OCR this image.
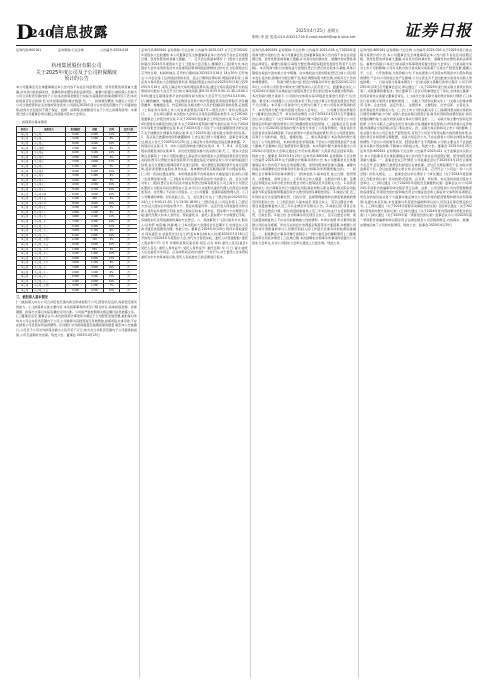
D
240
信息披露	2025年4月25日 星期五
制作:李 波 电话:010-83251716 E-mail:zqrb9@zqrb.sina.net	证券日报
证券代码:600161	证券简称:天坛生物	公告编号:2025-016
杭州集团股份有限公司
关于2025年度公司及子公司担保额度
预计的公告

本公司董事会及全体董事保证本公告内容不存在任何虚假记载、误导性陈述或者重大遗漏,并对其内容的真实性、准确性和完整性承担法律责任。重要内容提示:被担保人名称为公司合并报表范围内的子公司;本次担保金额及已实际为其提供的担保余额详见下表;本次担保是否有反担保:否;对外担保逾期的累计数量:无。一、担保情况概述 为满足公司及子公司日常经营和业务发展的资金需求,公司拟在2025年度为合并报表范围内子公司提供担保,担保方式包括但不限于保证、抵押、质押等,担保额度可在子公司之间调剂使用。本事项已经公司董事会审议通过,尚需提交股东大会审议。

二、担保预计基本情况
担保方	被担保方	担保额度	余额	比例	是否关联
本公司	子公司一	5,000	2,000	12%	否
本公司	子公司二	3,000	1,500	8%	否
本公司	子公司三	8,000	4,200	19%	否
本公司	子公司四	2,500	900	6%	否
本公司	子公司五	6,000	3,100	14%	否
本公司	子公司六	4,000	1,800	9%	否
本公司	子公司七	7,500	3,600	17%	否
本公司	子公司八	1,500	600	3%	否
本公司	子公司九	9,000	5,200	21%	否
本公司	子公司十	3,500	1,400	8%	否
本公司	子公司十一	2,000	800	5%	否
本公司	子公司十二	4,500	2,300	10%	否
本公司	子公司十三	5,500	2,700	13%	否
本公司	子公司十四	6,500	3,000	15%	否
本公司	子公司十五	1,000	400	2%	否
本公司	子公司十六	8,500	4,600	20%	否
本公司	子公司十七	3,200	1,100	7%	否
本公司	子公司十八	2,800	1,000	6%	否
本公司	子公司十九	4,800	2,100	11%	否
本公司	子公司二十	7,000	3,300	16%	否
本公司	子公司二十一	5,200	2,400	12%	否
本公司	子公司二十二	3,800	1,700	9%	否
本公司	子公司二十三	6,200	2,900	14%	否
本公司	子公司二十四	2,200	700	5%	否
本公司	子公司二十五	9,500	5,600	22%	否
本公司	子公司二十六	1,800	500	4%	否
本公司	子公司二十七	4,200	1,900	10%	否
本公司	子公司二十八	5,800	2,600	13%	否
本公司	子公司二十九	3,600	1,300	8%	否
本公司	子公司三十	7,800	3,900	18%	否
本公司	子公司三十一	2,600	1,000	6%	否
本公司	子公司三十二	6,800	3,200	15%	否
本公司	子公司三十三	4,400	2,000	10%	否
本公司	子公司三十四	3,000	1,200	7%	否
本公司	子公司三十五	5,000	2,500	12%	否
三、被担保人基本情况

(一)被担保人均为公司合并报表范围内的全资或控股子公司,经营状况良好,具备偿还债务的能力。(二)担保协议的主要内容 本次担保事项尚未签订相关协议,具体担保金额、担保期限、担保方式等以实际签署的合同为准。公司将严格按照相关规定履行信息披露义务。(三)董事会意见 董事会认为,本次担保预计事项是为满足子公司经营发展需要,被担保对象均为公司合并报表范围内子公司,公司能够对其经营进行有效管控,担保风险总体可控,不存在损害公司及股东利益的情形。(四)累计对外担保数量及逾期担保的数量 截至本公告披露日,公司及子公司对外担保总额为人民币若干万元,均为对合并报表范围内子公司提供的担保,公司无逾期对外担保。特此公告。董事会 2025年4月25日

证券代码:600161 证券简称:天坛生物 公告编号:2025-017 关于召开2024年年度股东大会的通知 本公司董事会及全体董事保证本公告内容不存在任何虚假记载、误导性陈述或者重大遗漏。一、召开会议的基本情况 (一)股东大会类型和届次:2024年年度股东大会 (二)股东大会召集人:董事会 (三)投票方式:本次股东大会所采用的表决方式是现场投票和网络投票相结合的方式 (四)现场会议召开的日期、时间和地点 召开的日期时间:2025年5月16日 14点30分 召开地点:公司会议室 (五)网络投票的系统、起止日期和投票时间 网络投票系统:上海证券交易所股东大会网络投票系统 网络投票起止时间:自2025年5月16日至2025年5月16日 采用上海证券交易所网络投票系统,通过交易系统投票平台的投票时间为股东大会召开当日的交易时间段,即9:15-9:25,9:30-11:30,13:00-15:00;通过互联网投票平台的投票时间为股东大会召开当日的9:15-15:00。(六)融资融券、转融通、约定购回业务账户和沪股通投资者的投票程序 涉及融资融券、转融通业务、约定购回业务相关账户以及沪股通投资者的投票,应按照《上海证券交易所上市公司自律监管指引第1号—规范运作》等有关规定执行。二、会议审议事项 本次股东大会审议议案及投票股东类型:1.关于2024年度董事会工作报告的议案 2.关于2024年度监事会工作报告的议案 3.关于2024年度财务决算报告的议案 4.关于2024年度利润分配方案的议案 5.关于2024年年度报告及摘要的议案 6.关于2025年度公司及子公司担保额度预计的议案 7.关于续聘会计师事务所的议案 8.关于2025年度日常关联交易预计的议案。1、各议案已披露的时间和披露媒体 上述议案已经公司董事会、监事会审议通过,相关公告已于2025年4月25日在上海证券交易所网站及指定媒体披露。2、特别决议议案:无 3、对中小投资者单独计票的议案:4、6、7、8 4、涉及关联股东回避表决的议案:8 5、涉及优先股股东参与表决的议案:无 三、股东大会投票注意事项 (一)本公司股东通过上海证券交易所股东大会网络投票系统行使表决权的,既可以登陆交易系统投票平台(通过指定交易的证券公司交易终端)进行投票,也可以登陆互联网投票平台进行投票。首次登陆互联网投票平台进行投票的,投资者需要完成股东身份认证。具体操作请见互联网投票平台网站说明。(二)同一表决权通过现场、本所网络投票平台或其他方式重复进行表决的,以第一次投票结果为准。(三)股东对所有议案均表决完毕才能提交。四、会议出席对象 (一)股权登记日收市后在中国证券登记结算有限责任公司上海分公司登记在册的公司股东有权出席股东大会,并可以以书面形式委托代理人出席会议和参加表决。该代理人不必是公司股东。(二)公司董事、监事和高级管理人员。(三)公司聘请的律师。(四)其他人员。五、会议登记方法 (一)登记时间:2025年5月14日上午9:00-11:30,下午13:30-16:00 (二)登记地点:公司证券部 (三)登记方式:法人股东应持股东账户卡、营业执照复印件、法定代表人授权委托书和出席人身份证办理登记手续;自然人股东应持本人身份证、股东账户卡办理登记手续;委托代理人持本人身份证、授权委托书、委托人股东账户卡办理登记手续。异地股东可采用信函或传真的方式登记。六、其他事项 (一)会议联系方式 联系人:证券部 电话:略 传真:略 (二)本次股东大会现场会议会期半天,出席会议人员的交通及食宿费用自理。特此公告。董事会 2025年4月25日 附件1:授权委托书 授权委托书 兹委托先生(女士)代表本单位(或本人)出席2025年5月16日召开的贵公司2024年年度股东大会,并代为行使表决权。委托人持普通股数: 委托人股东账户号: 序号 非累积投票议案名称 同意 反对 弃权 委托人签名(盖章): 受托人签名: 委托人身份证号: 受托人身份证号: 委托日期: 年 月 日 备注:委托人应在委托书中同意、反对或弃权意向中选择一个并打勾,对于委托人在本授权委托书中未作具体指示的,受托人有权按自己的意愿进行表决。

证券代码:600161 证券简称:天坛生物 公告编号:2025-018 关于2024年度利润分配方案的公告 本公司董事会及全体董事保证本公告内容不存在任何虚假记载、误导性陈述或者重大遗漏,并对其内容的真实性、准确性和完整性承担法律责任。重要内容提示:每股分配比例:A股每股派发现金红利若干元(含税)。本次利润分配以实施权益分派股权登记日登记的总股本为基数,具体日期将在权益分派实施公告中明确。在实施权益分派的股权登记日前公司总股本发生变动的,拟维持分配总额不变,相应调整每股分配比例,并将另行公告具体调整情况。一、利润分配方案内容 经会计师事务所审计,截至2024年12月31日,公司母公司报表中期末未分配利润为人民币若干元。经董事会决议,公司2024年年度拟以实施权益分派股权登记日登记的总股本为基数分配利润。本次利润分配方案如下:公司拟向全体股东每10股派发现金红利若干元(含税)。截至本公告披露日,公司总股本若干股,以此计算合计拟派发现金红利若干元(含税)。本年度公司现金分红比例为归属于上市公司股东净利润的若干。本次利润分配方案尚需提交股东大会审议。二、公司履行的决策程序 (一)董事会会议的召开、审议和表决情况 公司于2025年4月23日召开董事会会议,审议通过了《关于2024年度利润分配方案的议案》,本方案符合公司章程规定的利润分配政策和公司已披露的股东回报规划。(二)监事会意见 监事会认为:公司2024年度利润分配方案充分考虑了公司盈利情况、现金流状态及资金需求等各种因素,不存在损害中小股东利益的情形,符合公司经营现状,有利于公司的持续、稳定、健康发展。三、相关风险提示 本次利润分配方案结合了公司发展阶段、未来的资金需求等因素,不会对公司经营现金流产生重大影响,不会影响公司正常经营和长期发展。本次利润分配方案尚需提交公司2024年年度股东大会审议通过后方可实施,敬请广大投资者注意投资风险。特此公告。董事会 2025年4月25日 证券代码:600161 证券简称:天坛生物 公告编号:2025-019 关于续聘会计师事务所的公告 本公司董事会及全体董事保证本公告内容不存在任何虚假记载、误导性陈述或者重大遗漏。重要内容提示:拟续聘的会计师事务所名称:某会计师事务所(特殊普通合伙)。一、拟聘任会计师事务所的基本情况 (一)机构信息 1.基本信息 成立日期、组织形式、注册地址、首席合伙人、上年度末合伙人数量、注册会计师人数、签署过证券服务业务审计报告的注册会计师人数等信息详见相关公告。2.投资者保护能力 会计师事务所已计提职业风险基金和购买职业保险,相关职业风险基金与职业保险能够覆盖因审计失败导致的民事赔偿责任。3.诚信记录 近三年因执业行为受到刑事处罚、行政处罚、监督管理措施和自律监管措施的情况详见相关公告。(二)项目信息 1.基本信息 项目合伙人、签字注册会计师、项目质量控制复核人近三年从业情况详见相关公告。2.诚信记录 项目合伙人、签字注册会计师、项目质量控制复核人近三年未因执业行为受到刑事处罚、行政处罚。3.独立性 会计师事务所及项目合伙人、签字注册会计师、项目质量控制复核人不存在可能影响独立性的情形。4.审计收费 审计费用系根据公司的业务规模、所处行业和会计处理复杂程度等多方面因素,并根据公司年报审计需配备的审计人员情况和投入的工作量以及事务所的收费标准确定。二、拟续聘会计事务所履行的程序 (一)审计委员会的履职情况 (二)董事会的审议和表决情况 (三)生效日期 本次续聘会计师事务所事项尚需提交公司股东大会审议,并自公司股东大会审议通过之日起生效。特此公告。

证券代码:600161 证券简称:天坛生物 公告编号:2025-020 关于2025年度日常关联交易预计的公告 本公司董事会及全体董事保证本公告内容不存在任何虚假记载、误导性陈述或者重大遗漏,并对其内容的真实性、准确性和完整性承担法律责任。重要内容提示:本次日常关联交易事项尚需提交股东大会审议。日常关联交易对上市公司的影响:公司与关联方的日常关联交易是基于正常生产经营需要,遵循公平、公正、公开的原则,交易价格公允,不存在损害公司及股东特别是中小股东利益的情形,不会对公司的独立性产生影响,公司主营业务不会因此类交易而对关联人形成依赖。一、日常关联交易基本情况 (一)日常关联交易履行的审议程序 公司于2025年4月23日召开董事会会议,审议通过了《关于2025年度日常关联交易预计的议案》,关联董事回避表决。独立董事专门会议对该事项进行了审议,全体独立董事一致同意将该议案提交董事会审议。(二)前次日常关联交易的预计和执行情况 (三)本次日常关联交易预计金额和类别 二、关联人介绍和关联关系 (一)关联人的基本情况 名称、企业性质、法定代表人、注册资本、主要股东、历史沿革、主营业务、住所等信息详见相关公告。(二)与上市公司的关联关系 (三)前期同类关联交易的执行情况和履约能力分析 关联人依法存续且经营正常,财务状况和资信情况良好,具有较强的履约能力,前次同类关联交易执行情况良好。三、关联交易主要内容和定价政策 公司与关联人之间发生的日常关联交易,遵循市场化原则,以市场价格为定价依据,协商确定交易价格,并签订相关协议。四、关联交易目的和对上市公司的影响 上述关联交易为公司正常生产经营所需,有利于公司充分利用关联方的资源和优势,实现优势互补和资源合理配置。关联交易定价公允,不存在损害公司和全体股东利益的情形,不会对公司的财务状况、经营成果产生不利影响,公司的主要业务不会因此而对关联方形成依赖,不影响公司的独立性。特此公告。董事会 2025年4月25日 证券代码:600161 证券简称:天坛生物 公告编号:2025-021 关于监事会决议的公告 本公司监事会及全体监事保证本公告内容不存在任何虚假记载、误导性陈述或者重大遗漏。一、监事会会议召开情况 公司监事会会议于2025年4月23日以现场方式召开,会议通知已按规定时间送达全体监事。会议应出席监事若干名,实际出席监事若干名。会议由监事会主席主持,会议的召集、召开符合《公司法》和《公司章程》的有关规定。二、监事会会议审议情况 (一)审议通过《关于2024年度监事会工作报告的议案》表决结果:同意票、反对票、弃权票。本议案尚需提交股东大会审议。(二)审议通过《关于2024年年度报告及摘要的议案》监事会认为:公司2024年年度报告的编制和审议程序符合法律、法规、公司章程和公司内部管理制度的各项规定;年度报告的内容和格式符合中国证监会和上海证券交易所的各项规定,所包含的信息能从各个方面真实地反映出公司当年度的经营管理和财务状况等事项;在提出本意见前,未发现参与年度报告编制和审议的人员有违反保密规定的行为。(三)审议通过《关于2024年度财务决算报告的议案》(四)审议通过《关于2024年度利润分配方案的议案》(五)审议通过《关于2024年度内部控制评价报告的议案》(六)审议通过《关于2025年第一季度报告的议案》监事会认为:公司2025年第一季度报告的编制和审议程序符合法律法规及公司章程的规定,内容真实、准确、完整地反映了公司的实际情况。特此公告。监事会 2025年4月25日
